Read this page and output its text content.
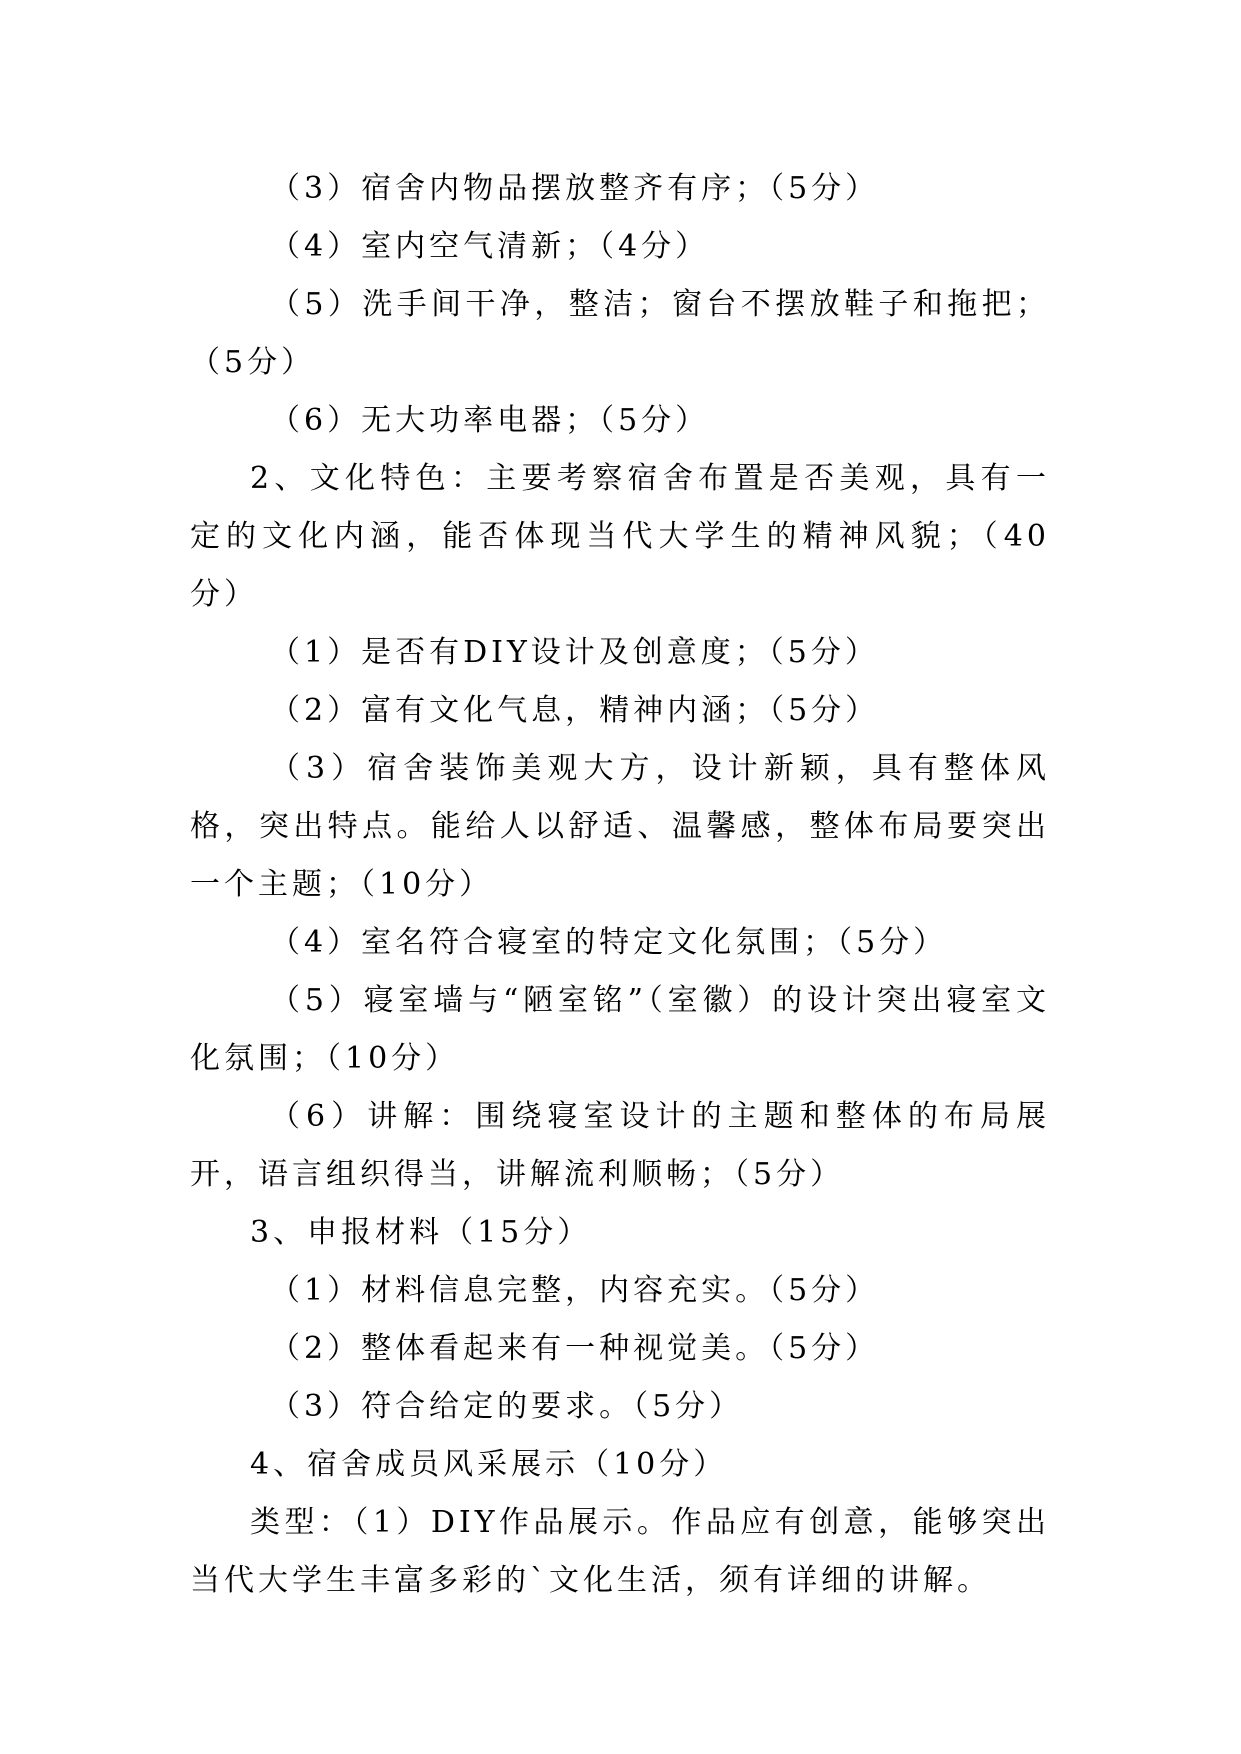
（3）宿舍内物品摆放整齐有序；（5分）

（4）室内空气清新；（4分）

（5）洗手间干净，整洁；窗台不摆放鞋子和拖把；（5分）

（6）无大功率电器；（5分）

2、文化特色：主要考察宿舍布置是否美观，具有一定的文化内涵，能否体现当代大学生的精神风貌；（40分）

（1）是否有DIY设计及创意度；（5分）

（2）富有文化气息，精神内涵；（5分）

（3）宿舍装饰美观大方，设计新颖，具有整体风格，突出特点。能给人以舒适、温馨感，整体布局要突出一个主题；（10分）

（4）室名符合寝室的特定文化氛围；（5分）

（5）寝室墙与“陋室铭”（室徽）的设计突出寝室文化氛围；（10分）

（6）讲解：围绕寝室设计的主题和整体的布局展开，语言组织得当，讲解流利顺畅；（5分）

3、申报材料（15分）

（1）材料信息完整，内容充实。（5分）

（2）整体看起来有一种视觉美。（5分）

（3）符合给定的要求。（5分）

4、宿舍成员风采展示（10分）

类型：（1）DIY作品展示。作品应有创意，能够突出当代大学生丰富多彩的`文化生活，须有详细的讲解。
